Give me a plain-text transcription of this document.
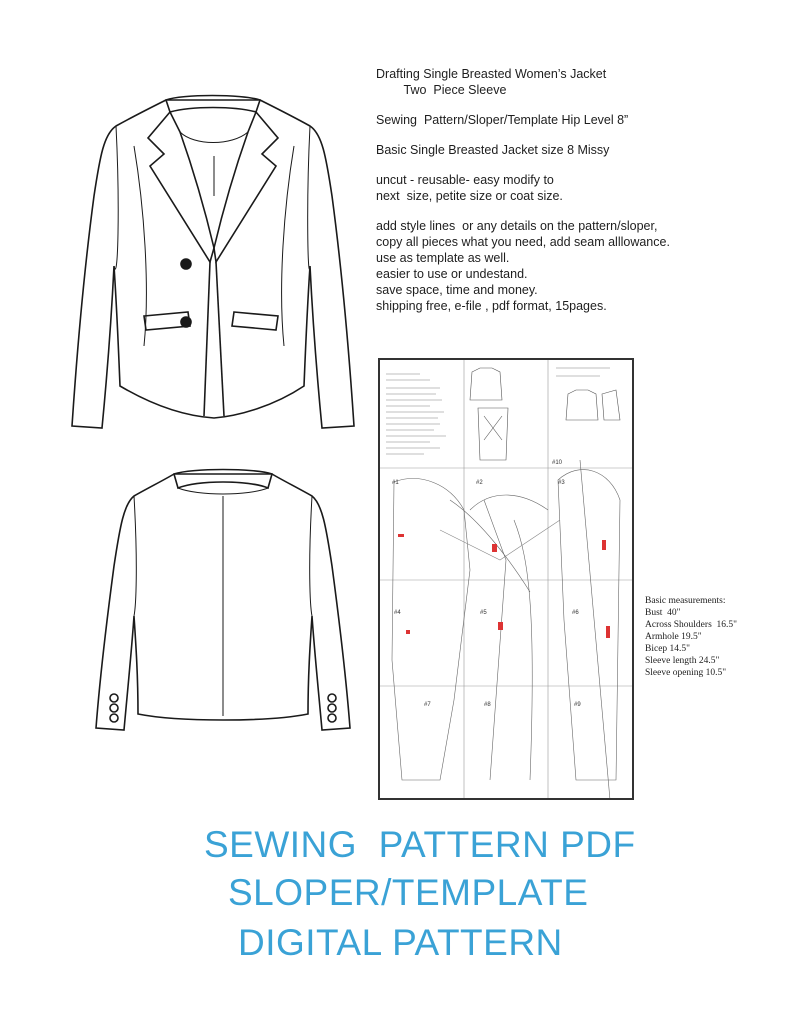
Drafting Single Breasted Women’s Jacket
Two  Piece Sleeve
Sewing  Pattern/Sloper/Template Hip Level 8”
Basic Single Breasted Jacket size 8 Missy
uncut - reusable- easy modify to
next  size, petite size or coat size.
add style lines  or any details on the pattern/sloper,
copy all pieces what you need, add seam alllowance.
use as template as well.
easier to use or undestand.
save space, time and money.
shipping free, e-file , pdf format, 15pages.
#1	#2	#3
#4	#5	#6
#7	#8	#9
#10
Basic measurements:
Bust  40"
Across Shoulders  16.5"
Armhole 19.5"
Bicep 14.5"
Sleeve length 24.5"
Sleeve opening 10.5"
SEWING  PATTERN PDF
SLOPER/TEMPLATE
DIGITAL PATTERN
